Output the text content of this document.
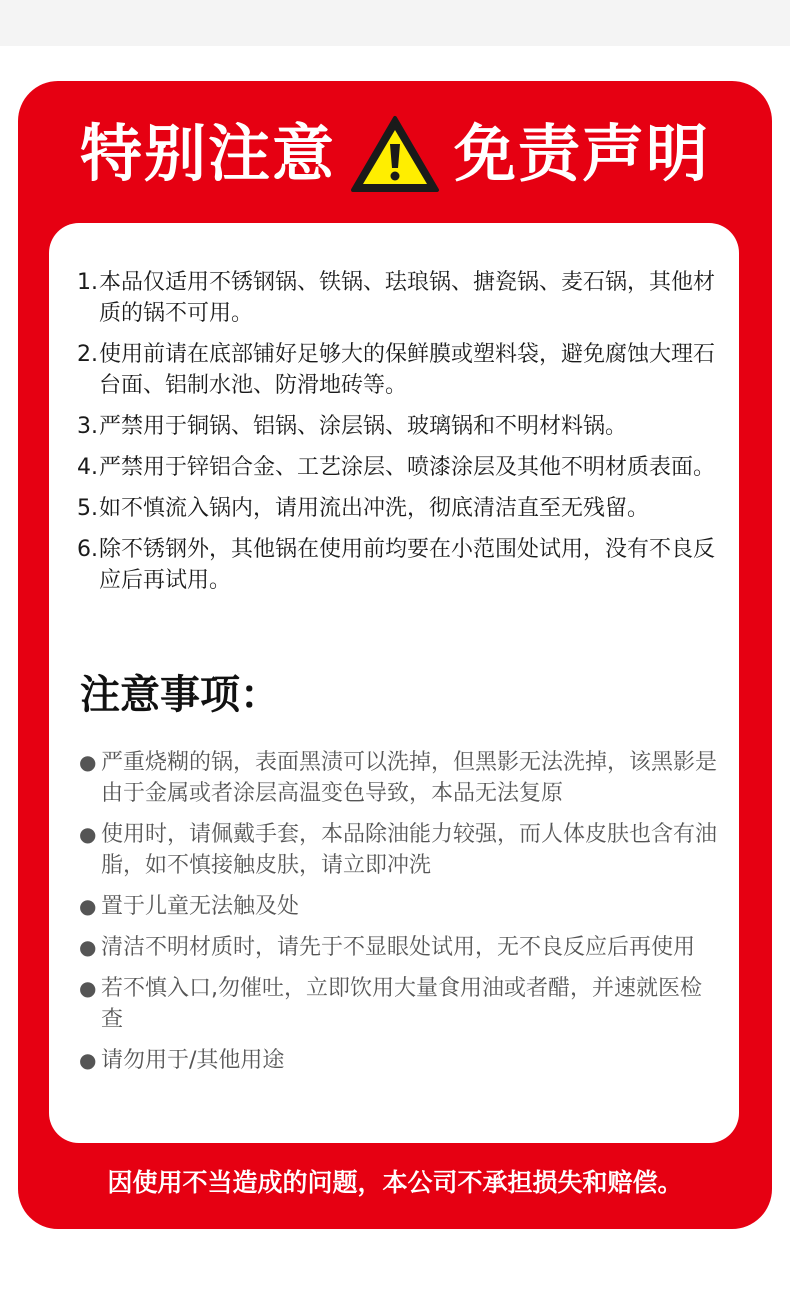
特别注意 免责声明
1. 本品仅适用不锈钢锅、铁锅、珐琅锅、搪瓷锅、麦石锅，其他材质的锅不可用。
2. 使用前请在底部铺好足够大的保鲜膜或塑料袋，避免腐蚀大理石台面、铝制水池、防滑地砖等。
3. 严禁用于铜锅、铝锅、涂层锅、玻璃锅和不明材料锅。
4. 严禁用于锌铝合金、工艺涂层、喷漆涂层及其他不明材质表面。
5. 如不慎流入锅内，请用流出冲洗，彻底清洁直至无残留。
6. 除不锈钢外，其他锅在使用前均要在小范围处试用，没有不良反应后再试用。
注意事项：
● 严重烧糊的锅，表面黑渍可以洗掉，但黑影无法洗掉，该黑影是由于金属或者涂层高温变色导致，本品无法复原
● 使用时，请佩戴手套，本品除油能力较强，而人体皮肤也含有油脂，如不慎接触皮肤，请立即冲洗
● 置于儿童无法触及处
● 清洁不明材质时，请先于不显眼处试用，无不良反应后再使用
● 若不慎入口,勿催吐，立即饮用大量食用油或者醋，并速就医检查
● 请勿用于/其他用途
因使用不当造成的问题，本公司不承担损失和赔偿。
